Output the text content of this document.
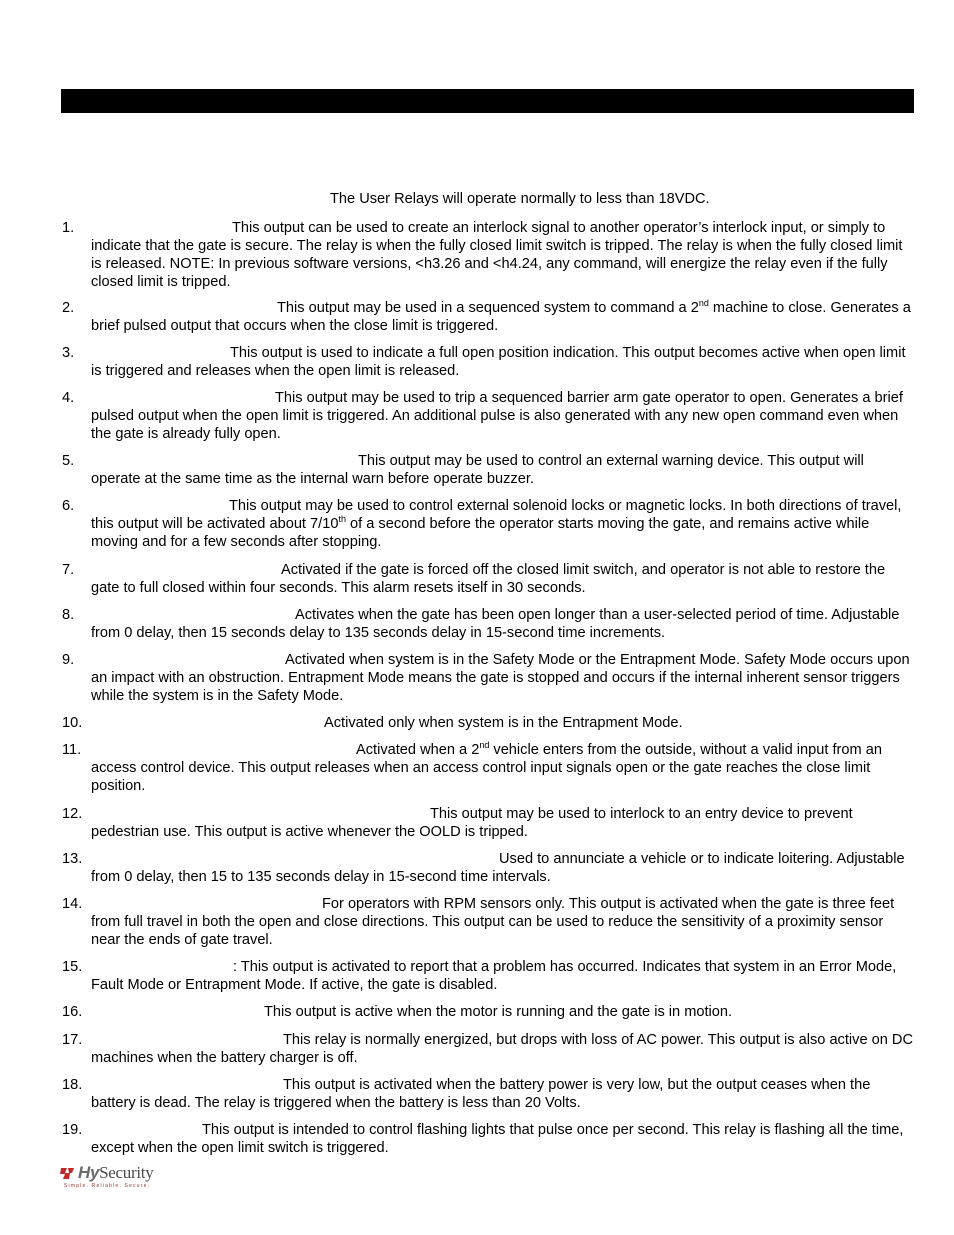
The User Relays will operate normally to less than 18VDC.
1.	This output can be used to create an interlock signal to another operator’s interlock input, or simply to indicate that the gate is secure. The relay is when the fully closed limit switch is tripped. The relay is when the fully closed limit is released. NOTE: In previous software versions, <h3.26 and <h4.24, any command, will energize the relay even if the fully closed limit is tripped.
2.	This output may be used in a sequenced system to command a 2nd machine to close. Generates a brief pulsed output that occurs when the close limit is triggered.
3.	This output is used to indicate a full open position indication. This output becomes active when open limit is triggered and releases when the open limit is released.
4.	This output may be used to trip a sequenced barrier arm gate operator to open. Generates a brief pulsed output when the open limit is triggered. An additional pulse is also generated with any new open command even when the gate is already fully open.
5.	This output may be used to control an external warning device. This output will operate at the same time as the internal warn before operate buzzer.
6.	This output may be used to control external solenoid locks or magnetic locks. In both directions of travel, this output will be activated about 7/10th of a second before the operator starts moving the gate, and remains active while moving and for a few seconds after stopping.
7.	Activated if the gate is forced off the closed limit switch, and operator is not able to restore the gate to full closed within four seconds. This alarm resets itself in 30 seconds.
8.	Activates when the gate has been open longer than a user-selected period of time. Adjustable from 0 delay, then 15 seconds delay to 135 seconds delay in 15-second time increments.
9.	Activated when system is in the Safety Mode or the Entrapment Mode. Safety Mode occurs upon an impact with an obstruction. Entrapment Mode means the gate is stopped and occurs if the internal inherent sensor triggers while the system is in the Safety Mode.
10.	Activated only when system is in the Entrapment Mode.
11.	Activated when a 2nd vehicle enters from the outside, without a valid input from an access control device. This output releases when an access control input signals open or the gate reaches the close limit position.
12.	This output may be used to interlock to an entry device to prevent pedestrian use. This output is active whenever the OOLD is tripped.
13.	Used to annunciate a vehicle or to indicate loitering. Adjustable from 0 delay, then 15 to 135 seconds delay in 15-second time intervals.
14.	For operators with RPM sensors only. This output is activated when the gate is three feet from full travel in both the open and close directions. This output can be used to reduce the sensitivity of a proximity sensor near the ends of gate travel.
15.	: This output is activated to report that a problem has occurred. Indicates that system in an Error Mode, Fault Mode or Entrapment Mode. If active, the gate is disabled.
16.	This output is active when the motor is running and the gate is in motion.
17.	This relay is normally energized, but drops with loss of AC power. This output is also active on DC machines when the battery charger is off.
18.	This output is activated when the battery power is very low, but the output ceases when the battery is dead. The relay is triggered when the battery is less than 20 Volts.
19.	This output is intended to control flashing lights that pulse once per second. This relay is flashing all the time, except when the open limit switch is triggered.
HySecurity
Simple. Reliable. Secure.
